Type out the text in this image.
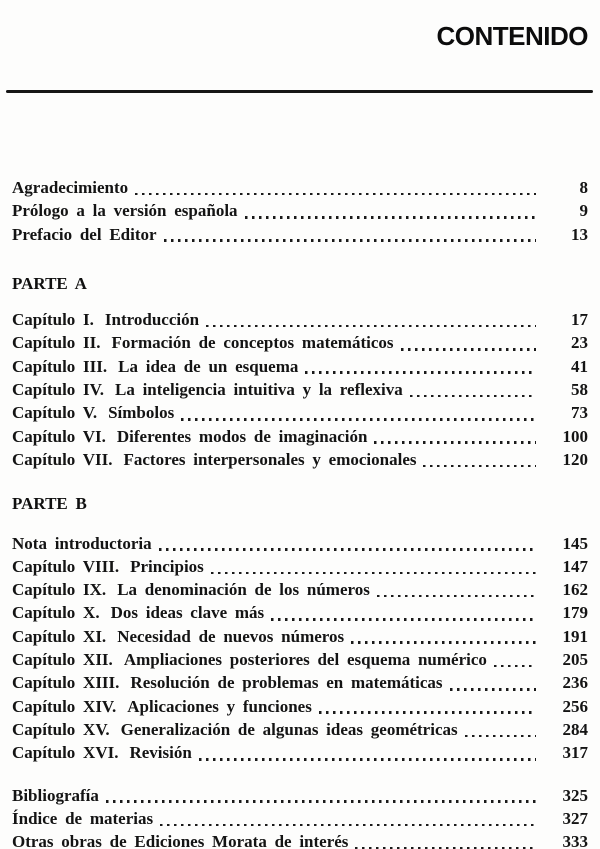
CONTENIDO
Agradecimiento	8
Prólogo a la versión española	9
Prefacio del Editor	13
PARTE A
Capítulo I. Introducción	17
Capítulo II. Formación de conceptos matemáticos	23
Capítulo III. La idea de un esquema	41
Capítulo IV. La inteligencia intuitiva y la reflexiva	58
Capítulo V. Símbolos	73
Capítulo VI. Diferentes modos de imaginación	100
Capítulo VII. Factores interpersonales y emocionales	120
PARTE B
Nota introductoria	145
Capítulo VIII. Principios	147
Capítulo IX. La denominación de los números	162
Capítulo X. Dos ideas clave más	179
Capítulo XI. Necesidad de nuevos números	191
Capítulo XII. Ampliaciones posteriores del esquema numérico	205
Capítulo XIII. Resolución de problemas en matemáticas	236
Capítulo XIV. Aplicaciones y funciones	256
Capítulo XV. Generalización de algunas ideas geométricas	284
Capítulo XVI. Revisión	317
Bibliografía	325
Índice de materias	327
Otras obras de Ediciones Morata de interés	333
